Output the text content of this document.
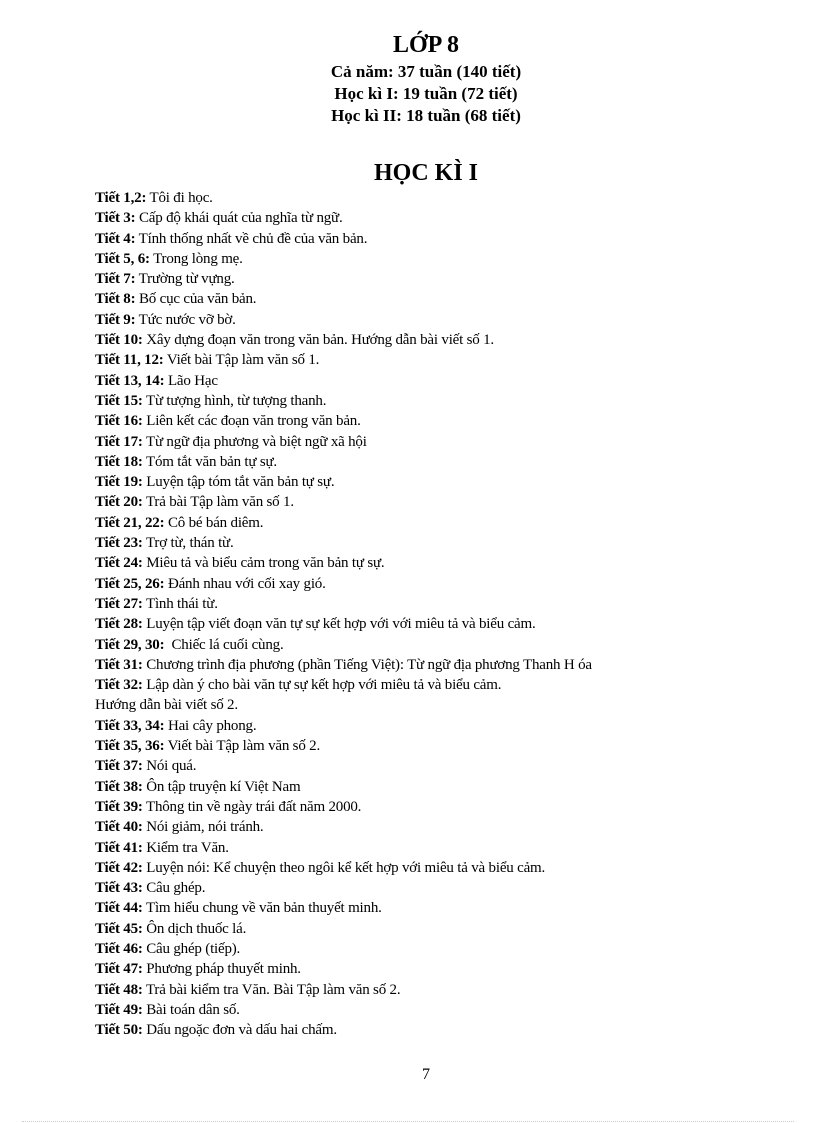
LỚP 8
Cả năm: 37 tuần (140 tiết)
Học kì I: 19 tuần (72 tiết)
Học kì II: 18 tuần (68 tiết)
HỌC KÌ I
Tiết 1,2: Tôi đi học.
Tiết 3: Cấp độ khái quát của nghĩa từ ngữ.
Tiết 4: Tính thống nhất về chủ đề của văn bản.
Tiết 5, 6: Trong lòng mẹ.
Tiết 7: Trường từ vựng.
Tiết 8: Bố cục của văn bản.
Tiết 9: Tức nước vỡ bờ.
Tiết 10: Xây dựng đoạn văn trong văn bản. Hướng dẫn bài viết số 1.
Tiết 11, 12: Viết bài Tập làm văn số 1.
Tiết 13, 14: Lão Hạc
Tiết 15: Từ tượng hình, từ tượng thanh.
Tiết 16: Liên kết các đoạn văn trong văn bản.
Tiết 17: Từ ngữ địa phương và biệt ngữ xã hội
Tiết 18: Tóm tắt văn bản tự sự.
Tiết 19: Luyện tập tóm tắt văn bản tự sự.
Tiết 20: Trả bài Tập làm văn số 1.
Tiết 21, 22: Cô bé bán diêm.
Tiết 23: Trợ từ, thán từ.
Tiết 24: Miêu tả và biểu cảm trong văn bản tự sự.
Tiết 25, 26: Đánh nhau với cối xay gió.
Tiết 27: Tình thái từ.
Tiết 28: Luyện tập viết đoạn văn tự sự kết hợp với với miêu tả và biểu cảm.
Tiết 29, 30:  Chiếc lá cuối cùng.
Tiết 31: Chương trình địa phương (phần Tiếng Việt): Từ ngữ địa phương Thanh H óa
Tiết 32: Lập dàn ý cho bài văn tự sự kết hợp với miêu tả và biểu cảm.
Hướng dẫn bài viết số 2.
Tiết 33, 34: Hai cây phong.
Tiết 35, 36: Viết bài Tập làm văn số 2.
Tiết 37: Nói quá.
Tiết 38: Ôn tập truyện kí Việt Nam
Tiết 39: Thông tin về ngày trái đất năm 2000.
Tiết 40: Nói giảm, nói tránh.
Tiết 41: Kiểm tra Văn.
Tiết 42: Luyện nói: Kể chuyện theo ngôi kể kết hợp với miêu tả và biểu cảm.
Tiết 43: Câu ghép.
Tiết 44: Tìm hiểu chung về văn bản thuyết minh.
Tiết 45: Ôn dịch thuốc lá.
Tiết 46: Câu ghép (tiếp).
Tiết 47: Phương pháp thuyết minh.
Tiết 48: Trả bài kiểm tra Văn. Bài Tập làm văn số 2.
Tiết 49: Bài toán dân số.
Tiết 50: Dấu ngoặc đơn và dấu hai chấm.
7
